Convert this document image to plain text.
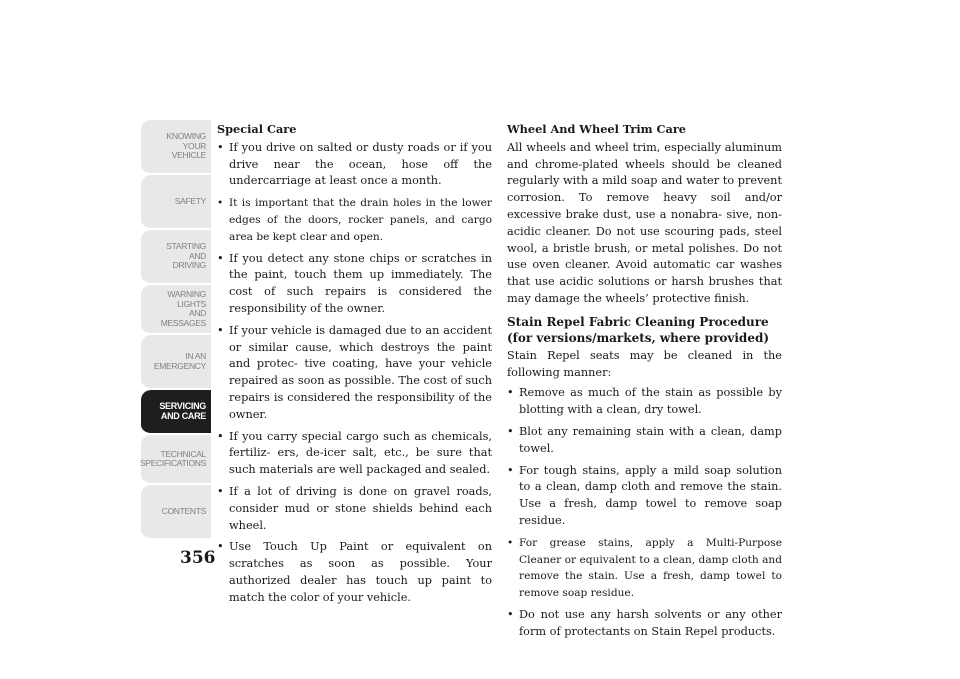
KNOWING
YOUR
VEHICLE
SAFETY
STARTING
AND
DRIVING
WARNING
LIGHTS
AND
MESSAGES
IN AN
EMERGENCY
SERVICING
AND CARE
TECHNICAL
SPECIFICATIONS
CONTENTS
356
Special Care
• If you drive on salted or dusty roads or if you drive near the ocean, hose off the undercarriage at least once a month.
• It is important that the drain holes in the lower edges of the doors, rocker panels, and cargo area be kept clear and open.
• If you detect any stone chips or scratches in the paint, touch them up immediately. The cost of such repairs is considered the responsibility of the owner.
• If your vehicle is damaged due to an accident or similar cause, which destroys the paint and protec- tive coating, have your vehicle repaired as soon as possible. The cost of such repairs is considered the responsibility of the owner.
• If you carry special cargo such as chemicals, fertiliz- ers, de-icer salt, etc., be sure that such materials are well packaged and sealed.
• If a lot of driving is done on gravel roads, consider mud or stone shields behind each wheel.
• Use Touch Up Paint or equivalent on scratches as soon as possible. Your authorized dealer has touch up paint to match the color of your vehicle.
Wheel And Wheel Trim Care

All wheels and wheel trim, especially aluminum and chrome-plated wheels should be cleaned regularly with a mild soap and water to prevent corrosion. To remove heavy soil and/or excessive brake dust, use a nonabra- sive, non-acidic cleaner. Do not use scouring pads, steel wool, a bristle brush, or metal polishes. Do not use oven cleaner. Avoid automatic car washes that use acidic solutions or harsh brushes that may damage the wheels’ protective finish.

Stain Repel Fabric Cleaning Procedure (for versions/markets, where provided)

Stain Repel seats may be cleaned in the following manner:

• Remove as much of the stain as possible by blotting with a clean, dry towel.
• Blot any remaining stain with a clean, damp towel.
• For tough stains, apply a mild soap solution to a clean, damp cloth and remove the stain. Use a fresh, damp towel to remove soap residue.
• For grease stains, apply a Multi-Purpose Cleaner or equivalent to a clean, damp cloth and remove the stain. Use a fresh, damp towel to remove soap residue.
• Do not use any harsh solvents or any other form of protectants on Stain Repel products.
